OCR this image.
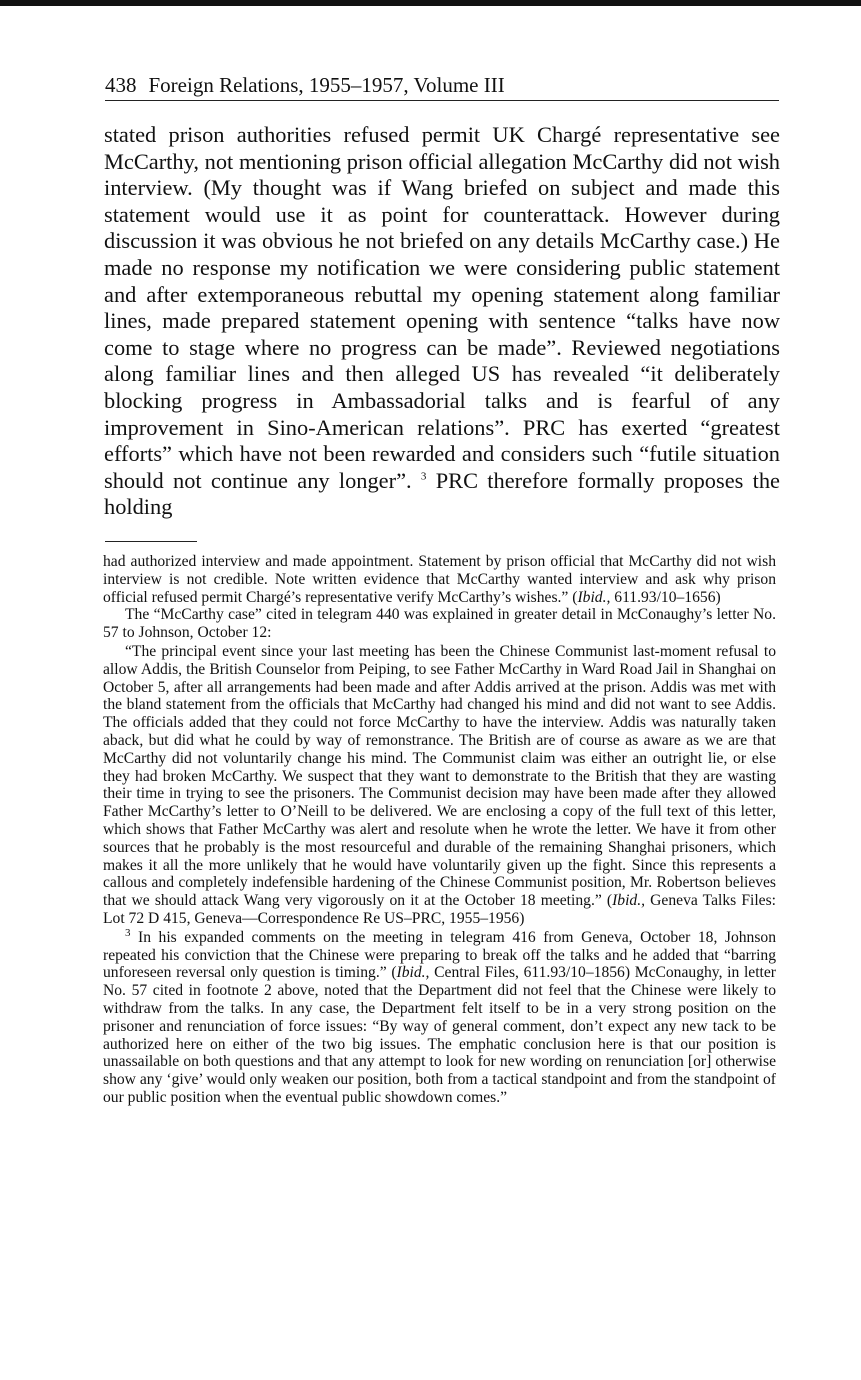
438 Foreign Relations, 1955–1957, Volume III

stated prison authorities refused permit UK Chargé representative see McCarthy, not mentioning prison official allegation McCarthy did not wish interview. (My thought was if Wang briefed on subject and made this statement would use it as point for counterattack. However during discussion it was obvious he not briefed on any details McCarthy case.) He made no response my notification we were considering public statement and after extemporaneous rebuttal my opening statement along familiar lines, made prepared statement opening with sentence “talks have now come to stage where no progress can be made”. Reviewed negotiations along familiar lines and then alleged US has revealed “it deliberately blocking progress in Ambassadorial talks and is fearful of any improvement in Sino-American relations”. PRC has exerted “greatest efforts” which have not been rewarded and considers such “futile situation should not continue any longer”. $^3$ PRC therefore formally proposes the holding

had authorized interview and made appointment. Statement by prison official that McCarthy did not wish interview is not credible. Note written evidence that McCarthy wanted interview and ask why prison official refused permit Chargé’s representative verify McCarthy’s wishes.” (Ibid., 611.93/10–1656)

The “McCarthy case” cited in telegram 440 was explained in greater detail in McConaughy’s letter No. 57 to Johnson, October 12:

“The principal event since your last meeting has been the Chinese Communist last-moment refusal to allow Addis, the British Counselor from Peiping, to see Father McCarthy in Ward Road Jail in Shanghai on October 5, after all arrangements had been made and after Addis arrived at the prison. Addis was met with the bland statement from the officials that McCarthy had changed his mind and did not want to see Addis. The officials added that they could not force McCarthy to have the interview. Addis was naturally taken aback, but did what he could by way of remonstrance. The British are of course as aware as we are that McCarthy did not voluntarily change his mind. The Communist claim was either an outright lie, or else they had broken McCarthy. We suspect that they want to demonstrate to the British that they are wasting their time in trying to see the prisoners. The Communist decision may have been made after they allowed Father McCarthy’s letter to O’Neill to be delivered. We are enclosing a copy of the full text of this letter, which shows that Father McCarthy was alert and resolute when he wrote the letter. We have it from other sources that he probably is the most resourceful and durable of the remaining Shanghai prisoners, which makes it all the more unlikely that he would have voluntarily given up the fight. Since this represents a callous and completely indefensible hardening of the Chinese Communist position, Mr. Robertson believes that we should attack Wang very vigorously on it at the October 18 meeting.” (Ibid., Geneva Talks Files: Lot 72 D 415, Geneva—Correspondence Re US–PRC, 1955–1956)

$^3$ In his expanded comments on the meeting in telegram 416 from Geneva, October 18, Johnson repeated his conviction that the Chinese were preparing to break off the talks and he added that “barring unforeseen reversal only question is timing.” (Ibid., Central Files, 611.93/10–1856) McConaughy, in letter No. 57 cited in footnote 2 above, noted that the Department did not feel that the Chinese were likely to withdraw from the talks. In any case, the Department felt itself to be in a very strong position on the prisoner and renunciation of force issues: “By way of general comment, don’t expect any new tack to be authorized here on either of the two big issues. The emphatic conclusion here is that our position is unassailable on both questions and that any attempt to look for new wording on renunciation [or] otherwise show any ‘give’ would only weaken our position, both from a tactical standpoint and from the standpoint of our public position when the eventual public showdown comes.”
